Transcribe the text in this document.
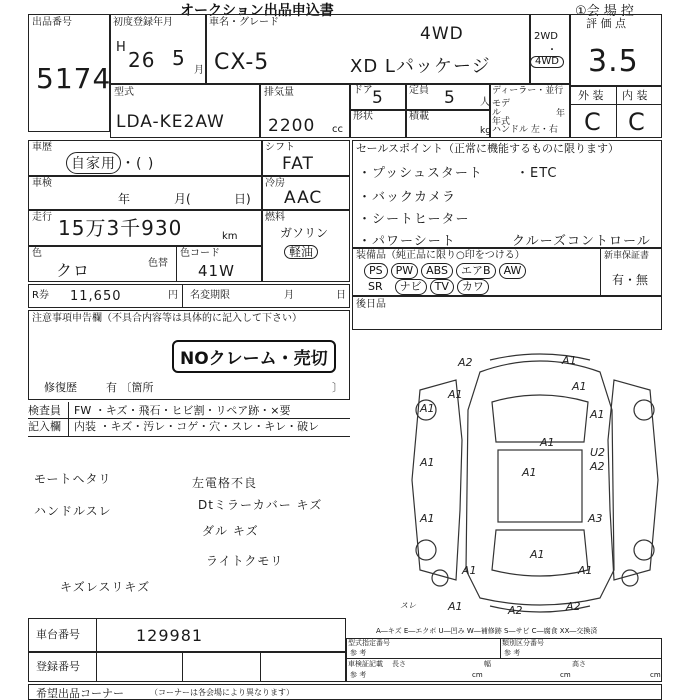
オークション出品申込書	①会 場 控
出品番号
5174
初度登録年月
H
26 5
月
車名・グレード
CX-5
4WD
XD Lパッケージ
2WD
・
4WD
評 価 点
3.5
型式
LDA-KE2AW
排気量
2200 cc
ドア 5	定員 5 人
ディーラー・並行
モデル 年式
年
ハンドル 左・右
形状	積載
kg
外 装 内 装
C C
車歴
自家用 ・( )
車検
年	月(	日)
走行 15万3千930	km
色
クロ	色替
色コード
41W
シフト
FAT
冷房
AAC
燃料
ガソリン
軽油
R券 11,650	円 名変期限	月	日
セールスポイント（正常に機能するものに限ります）
・プッシュスタート	・ETC
・バックカメラ
・シートヒーター
・パワーシート	クルーズコントロール
装備品（純正品に限り○印をつける）
PS PW ABS エアB AW
SR ナビ TV カワ
新車保証書
有・無
後日品
注意事項申告欄（不具合内容等は具体的に記入して下さい）
NOクレーム・売切
修復歴	有 〔箇所	〕
検査員
記入欄
FW ・キズ・飛石・ヒビ割・リペア跡・×要
内装 ・キズ・汚レ・コゲ・穴・スレ・キレ・破レ
モートヘタリ
ハンドルスレ
キズレスリキズ
左電格不良
Dtミラーカバー キズ
ダル キズ
ライトクモリ
A2	A1
A1
A1
A1
A1
A1
U2
A2
A1
A1
A3
A1
A1
A1	A1
A1	A2	A2
スレ
A―キズ E―エクボ U―凹み W―補修跡 S―サビ C―腐食 XX―交換済
車台番号	129981
登録番号
型式指定番号
参 考
類別区分番号
参 考
車検証記載 長さ	幅	高さ
参 考	cm	cm	cm
希望出品コーナー	（コーナーは各会場により異なります）
